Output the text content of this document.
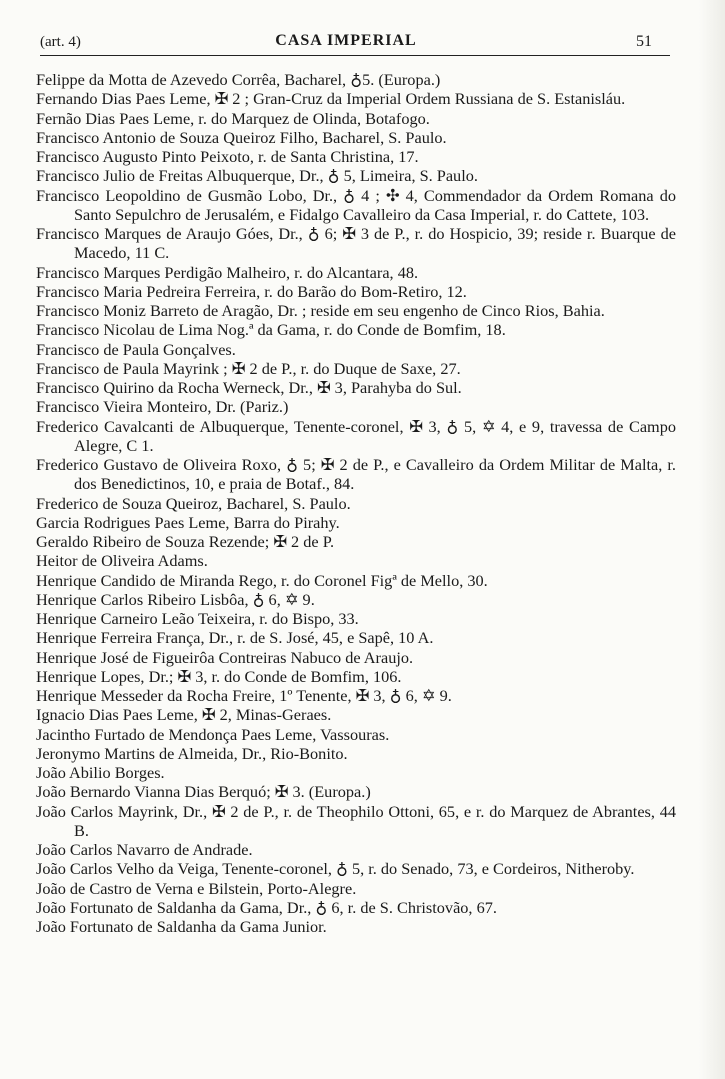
(art. 4)	CASA IMPERIAL	51
Felippe da Motta de Azevedo Corrêa, Bacharel, ♁5. (Europa.)
Fernando Dias Paes Leme, ✠ 2 ; Gran-Cruz da Imperial Ordem Russiana de S. Estanisláu.
Fernão Dias Paes Leme, r. do Marquez de Olinda, Botafogo.
Francisco Antonio de Souza Queiroz Filho, Bacharel, S. Paulo.
Francisco Augusto Pinto Peixoto, r. de Santa Christina, 17.
Francisco Julio de Freitas Albuquerque, Dr., ♁ 5, Limeira, S. Paulo.
Francisco Leopoldino de Gusmão Lobo, Dr., ♁ 4 ; ✣ 4, Commendador da Ordem Romana do Santo Sepulchro de Jerusalém, e Fidalgo Cavalleiro da Casa Imperial, r. do Cattete, 103.
Francisco Marques de Araujo Góes, Dr., ♁ 6; ✠ 3 de P., r. do Hospicio, 39; reside r. Buarque de Macedo, 11 C.
Francisco Marques Perdigão Malheiro, r. do Alcantara, 48.
Francisco Maria Pedreira Ferreira, r. do Barão do Bom-Retiro, 12.
Francisco Moniz Barreto de Aragão, Dr. ; reside em seu engenho de Cinco Rios, Bahia.
Francisco Nicolau de Lima Nog.ª da Gama, r. do Conde de Bomfim, 18.
Francisco de Paula Gonçalves.
Francisco de Paula Mayrink ; ✠ 2 de P., r. do Duque de Saxe, 27.
Francisco Quirino da Rocha Werneck, Dr., ✠ 3, Parahyba do Sul.
Francisco Vieira Monteiro, Dr. (Pariz.)
Frederico Cavalcanti de Albuquerque, Tenente-coronel, ✠ 3, ♁ 5, ✡ 4, e 9, travessa de Campo Alegre, C 1.
Frederico Gustavo de Oliveira Roxo, ♁ 5; ✠ 2 de P., e Cavalleiro da Ordem Militar de Malta, r. dos Benedictinos, 10, e praia de Botaf., 84.
Frederico de Souza Queiroz, Bacharel, S. Paulo.
Garcia Rodrigues Paes Leme, Barra do Pirahy.
Geraldo Ribeiro de Souza Rezende; ✠ 2 de P.
Heitor de Oliveira Adams.
Henrique Candido de Miranda Rego, r. do Coronel Figª de Mello, 30.
Henrique Carlos Ribeiro Lisbôa, ♁ 6, ✡ 9.
Henrique Carneiro Leão Teixeira, r. do Bispo, 33.
Henrique Ferreira França, Dr., r. de S. José, 45, e Sapê, 10 A.
Henrique José de Figueirôa Contreiras Nabuco de Araujo.
Henrique Lopes, Dr.; ✠ 3, r. do Conde de Bomfim, 106.
Henrique Messeder da Rocha Freire, 1º Tenente, ✠ 3, ♁ 6, ✡ 9.
Ignacio Dias Paes Leme, ✠ 2, Minas-Geraes.
Jacintho Furtado de Mendonça Paes Leme, Vassouras.
Jeronymo Martins de Almeida, Dr., Rio-Bonito.
João Abilio Borges.
João Bernardo Vianna Dias Berquó; ✠ 3. (Europa.)
João Carlos Mayrink, Dr., ✠ 2 de P., r. de Theophilo Ottoni, 65, e r. do Marquez de Abrantes, 44 B.
João Carlos Navarro de Andrade.
João Carlos Velho da Veiga, Tenente-coronel, ♁ 5, r. do Senado, 73, e Cordeiros, Nitheroby.
João de Castro de Verna e Bilstein, Porto-Alegre.
João Fortunato de Saldanha da Gama, Dr., ♁ 6, r. de S. Christovão, 67.
João Fortunato de Saldanha da Gama Junior.
